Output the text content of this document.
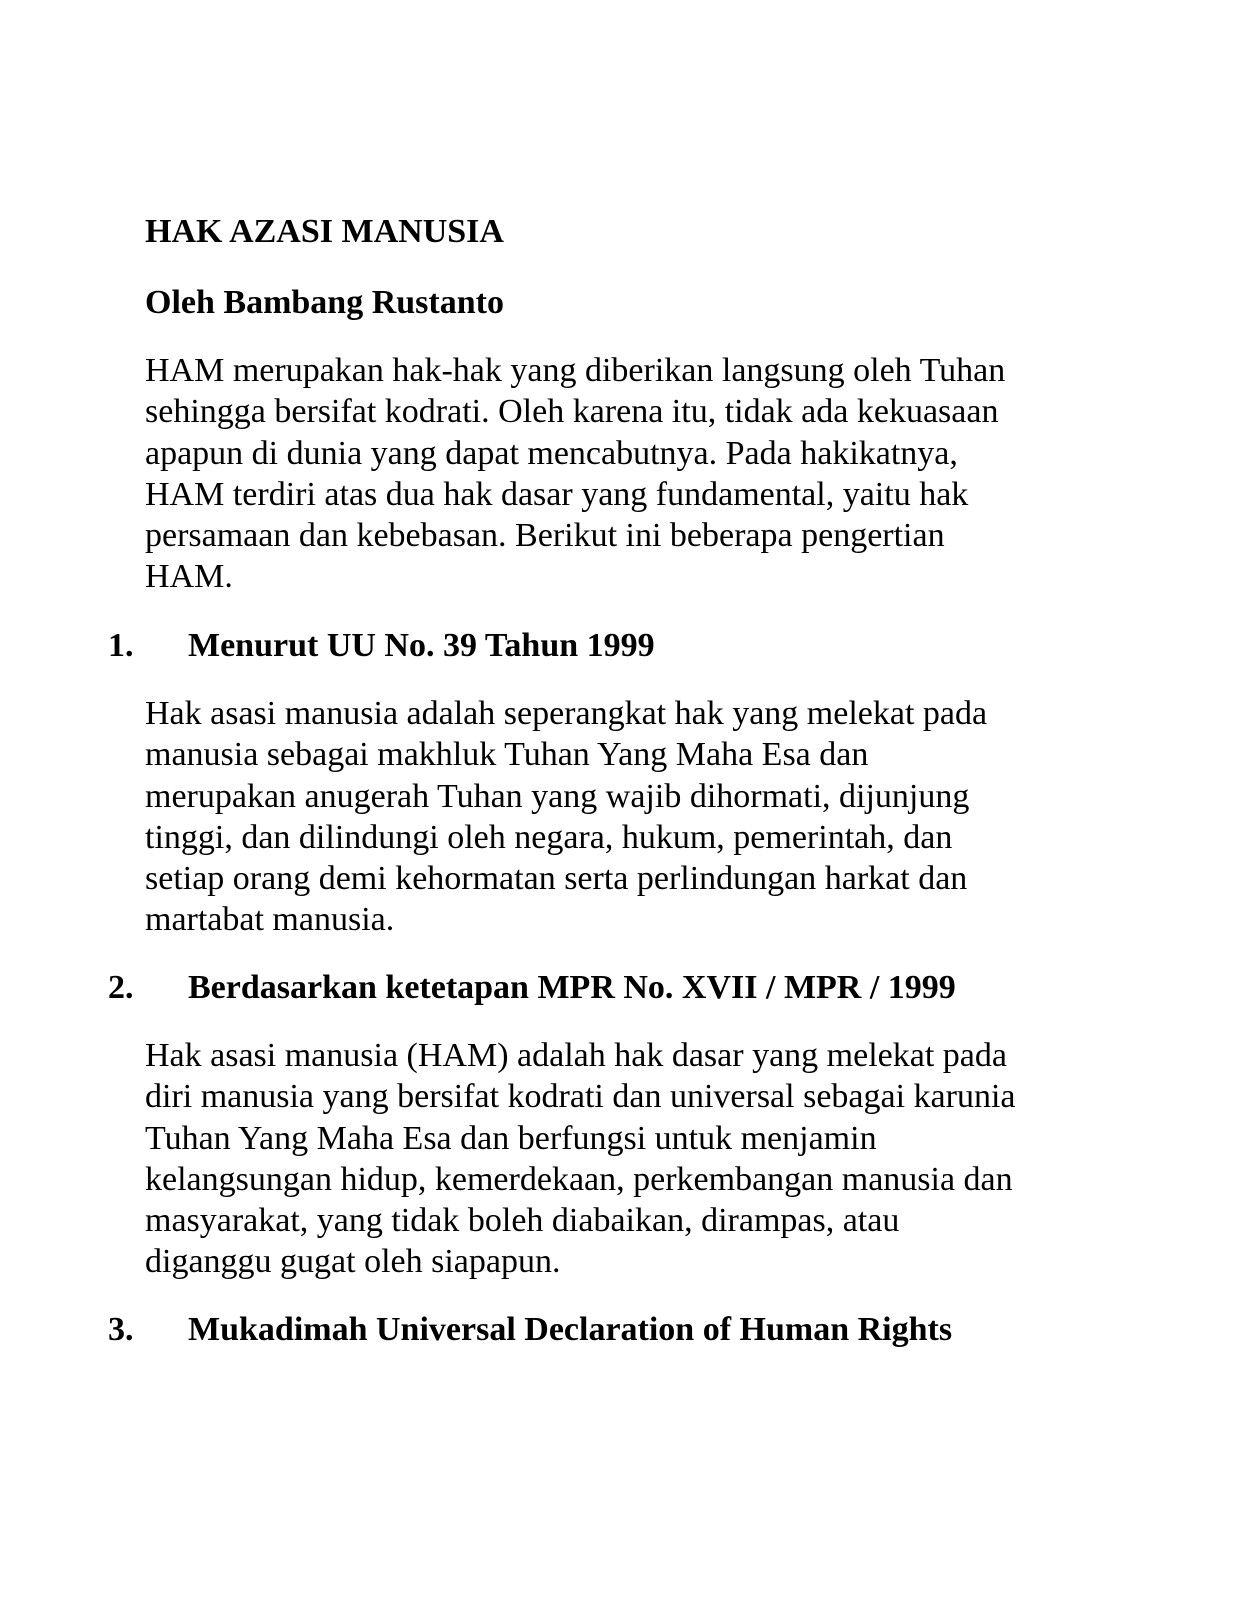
HAK AZASI MANUSIA
Oleh Bambang Rustanto
HAM merupakan hak-hak yang diberikan langsung oleh Tuhan
sehingga bersifat kodrati. Oleh karena itu, tidak ada kekuasaan
apapun di dunia yang dapat mencabutnya. Pada hakikatnya,
HAM terdiri atas dua hak dasar yang fundamental, yaitu hak
persamaan dan kebebasan. Berikut ini beberapa pengertian
HAM.
1. Menurut UU No. 39 Tahun 1999
Hak asasi manusia adalah seperangkat hak yang melekat pada
manusia sebagai makhluk Tuhan Yang Maha Esa dan
merupakan anugerah Tuhan yang wajib dihormati, dijunjung
tinggi, dan dilindungi oleh negara, hukum, pemerintah, dan
setiap orang demi kehormatan serta perlindungan harkat dan
martabat manusia.
2. Berdasarkan ketetapan MPR No. XVII / MPR / 1999
Hak asasi manusia (HAM) adalah hak dasar yang melekat pada
diri manusia yang bersifat kodrati dan universal sebagai karunia
Tuhan Yang Maha Esa dan berfungsi untuk menjamin
kelangsungan hidup, kemerdekaan, perkembangan manusia dan
masyarakat, yang tidak boleh diabaikan, dirampas, atau
diganggu gugat oleh siapapun.
3. Mukadimah Universal Declaration of Human Rights
